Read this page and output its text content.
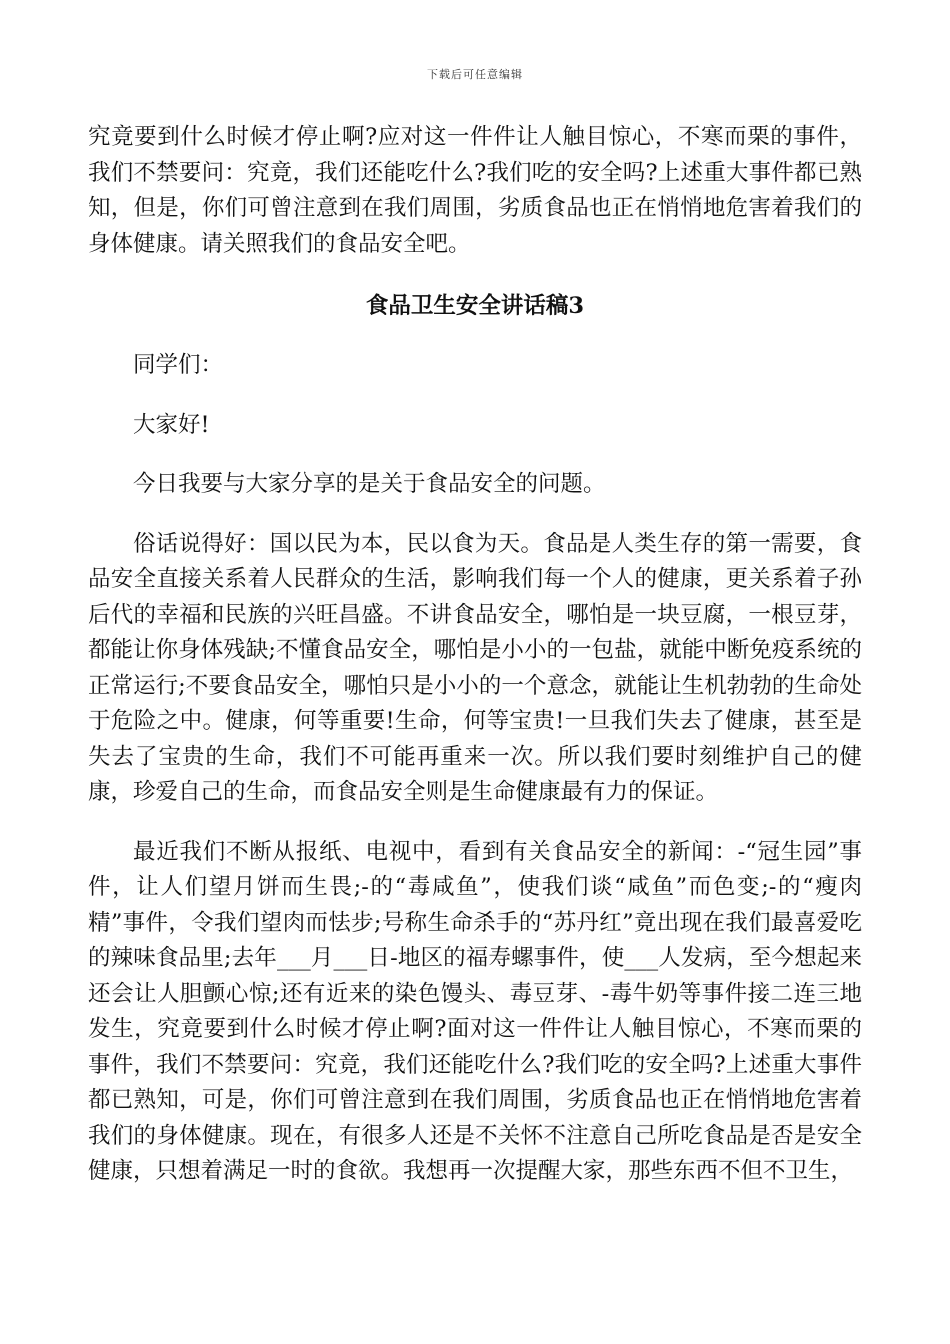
下载后可任意编辑

究竟要到什么时候才停止啊?应对这一件件让人触目惊心，不寒而栗的事件，我们不禁要问：究竟，我们还能吃什么?我们吃的安全吗?上述重大事件都已熟知，但是，你们可曾注意到在我们周围，劣质食品也正在悄悄地危害着我们的身体健康。请关照我们的食品安全吧。

食品卫生安全讲话稿3

同学们：

大家好!

今日我要与大家分享的是关于食品安全的问题。

俗话说得好：国以民为本，民以食为天。食品是人类生存的第一需要，食品安全直接关系着人民群众的生活，影响我们每一个人的健康，更关系着子孙后代的幸福和民族的兴旺昌盛。不讲食品安全，哪怕是一块豆腐，一根豆芽，都能让你身体残缺;不懂食品安全，哪怕是小小的一包盐，就能中断免疫系统的正常运行;不要食品安全，哪怕只是小小的一个意念，就能让生机勃勃的生命处于危险之中。健康，何等重要!生命，何等宝贵!一旦我们失去了健康，甚至是失去了宝贵的生命，我们不可能再重来一次。所以我们要时刻维护自己的健康，珍爱自己的生命，而食品安全则是生命健康最有力的保证。

最近我们不断从报纸、电视中，看到有关食品安全的新闻：-“冠生园”事件，让人们望月饼而生畏;-的“毒咸鱼”，使我们谈“咸鱼”而色变;-的“瘦肉精”事件，令我们望肉而怯步;号称生命杀手的“苏丹红”竟出现在我们最喜爱吃的辣味食品里;去年___月___日-地区的福寿螺事件，使___人发病，至今想起来还会让人胆颤心惊;还有近来的染色馒头、毒豆芽、-毒牛奶等事件接二连三地发生，究竟要到什么时候才停止啊?面对这一件件让人触目惊心，不寒而栗的事件，我们不禁要问：究竟，我们还能吃什么?我们吃的安全吗?上述重大事件都已熟知，可是，你们可曾注意到在我们周围，劣质食品也正在悄悄地危害着我们的身体健康。现在，有很多人还是不关怀不注意自己所吃食品是否是安全健康，只想着满足一时的食欲。我想再一次提醒大家，那些东西不但不卫生，
